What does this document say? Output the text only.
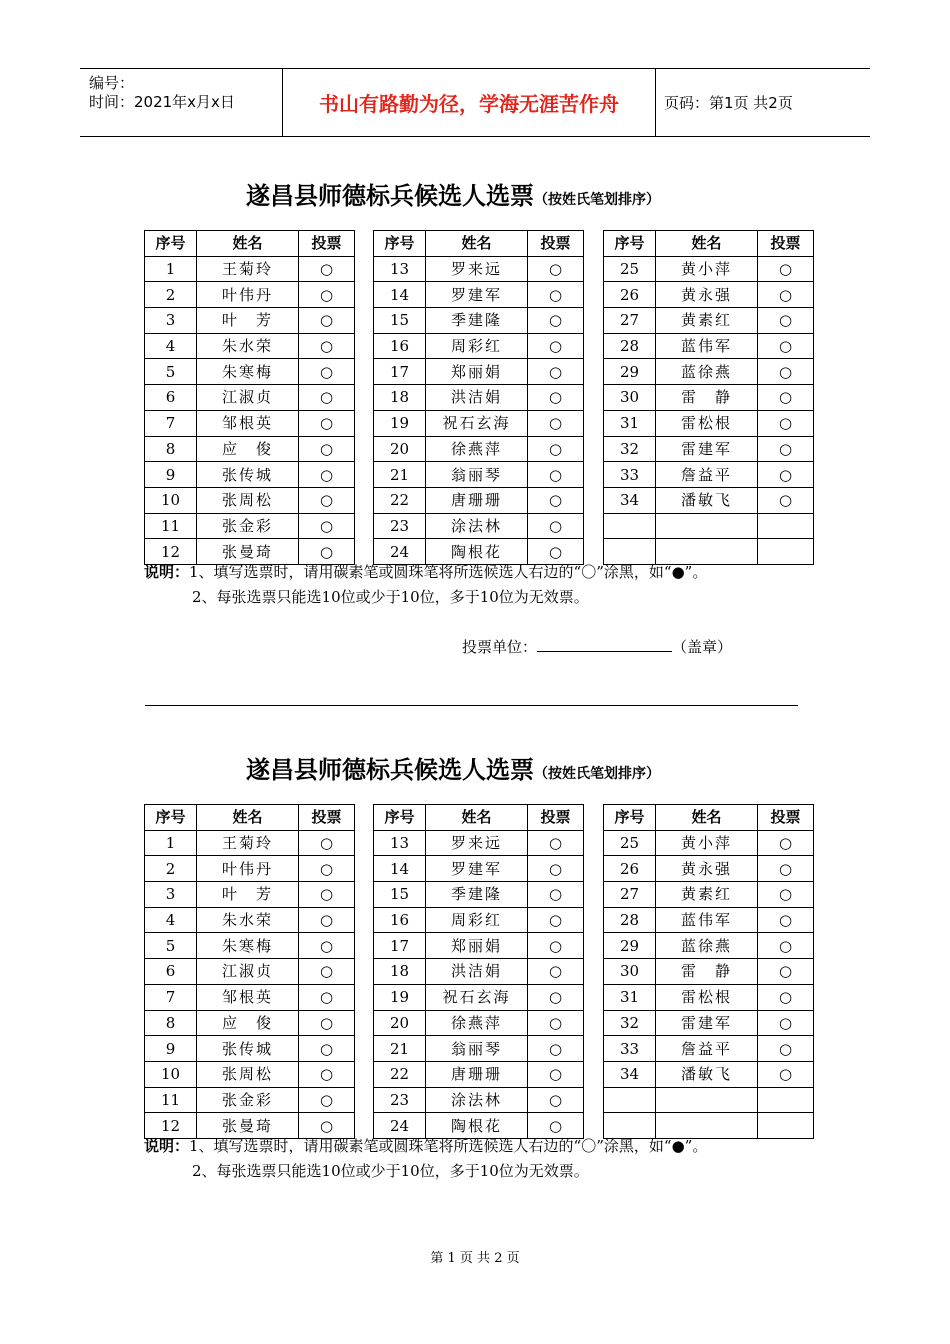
编号：
时间：2021年x月x日	书山有路勤为径，学海无涯苦作舟	页码：第1页 共2页
遂昌县师德标兵候选人选票（按姓氏笔划排序）
说明：1、填写选票时，请用碳素笔或圆珠笔将所选候选人右边的“〇”涂黑，如“●”。
2、每张选票只能选10位或少于10位，多于10位为无效票。
投票单位：	（盖章）
序号	姓名	投票
1	王菊玲	○
2	叶伟丹	○
3	叶　芳	○
4	朱水荣	○
5	朱寒梅	○
6	江淑贞	○
7	邹根英	○
8	应　俊	○
9	张传城	○
10	张周松	○
11	张金彩	○
12	张曼琦	○
序号	姓名	投票
13	罗来远	○
14	罗建军	○
15	季建隆	○
16	周彩红	○
17	郑丽娟	○
18	洪洁娟	○
19	祝石玄海	○
20	徐燕萍	○
21	翁丽琴	○
22	唐珊珊	○
23	涂法林	○
24	陶根花	○
序号	姓名	投票
25	黄小萍	○
26	黄永强	○
27	黄素红	○
28	蓝伟军	○
29	蓝徐燕	○
30	雷　静	○
31	雷松根	○
32	雷建军	○
33	詹益平	○
34	潘敏飞	○

遂昌县师德标兵候选人选票（按姓氏笔划排序）
说明：1、填写选票时，请用碳素笔或圆珠笔将所选候选人右边的“〇”涂黑，如“●”。
2、每张选票只能选10位或少于10位，多于10位为无效票。
序号	姓名	投票
1	王菊玲	○
2	叶伟丹	○
3	叶　芳	○
4	朱水荣	○
5	朱寒梅	○
6	江淑贞	○
7	邹根英	○
8	应　俊	○
9	张传城	○
10	张周松	○
11	张金彩	○
12	张曼琦	○
序号	姓名	投票
13	罗来远	○
14	罗建军	○
15	季建隆	○
16	周彩红	○
17	郑丽娟	○
18	洪洁娟	○
19	祝石玄海	○
20	徐燕萍	○
21	翁丽琴	○
22	唐珊珊	○
23	涂法林	○
24	陶根花	○
序号	姓名	投票
25	黄小萍	○
26	黄永强	○
27	黄素红	○
28	蓝伟军	○
29	蓝徐燕	○
30	雷　静	○
31	雷松根	○
32	雷建军	○
33	詹益平	○
34	潘敏飞	○

第 1 页 共 2 页
